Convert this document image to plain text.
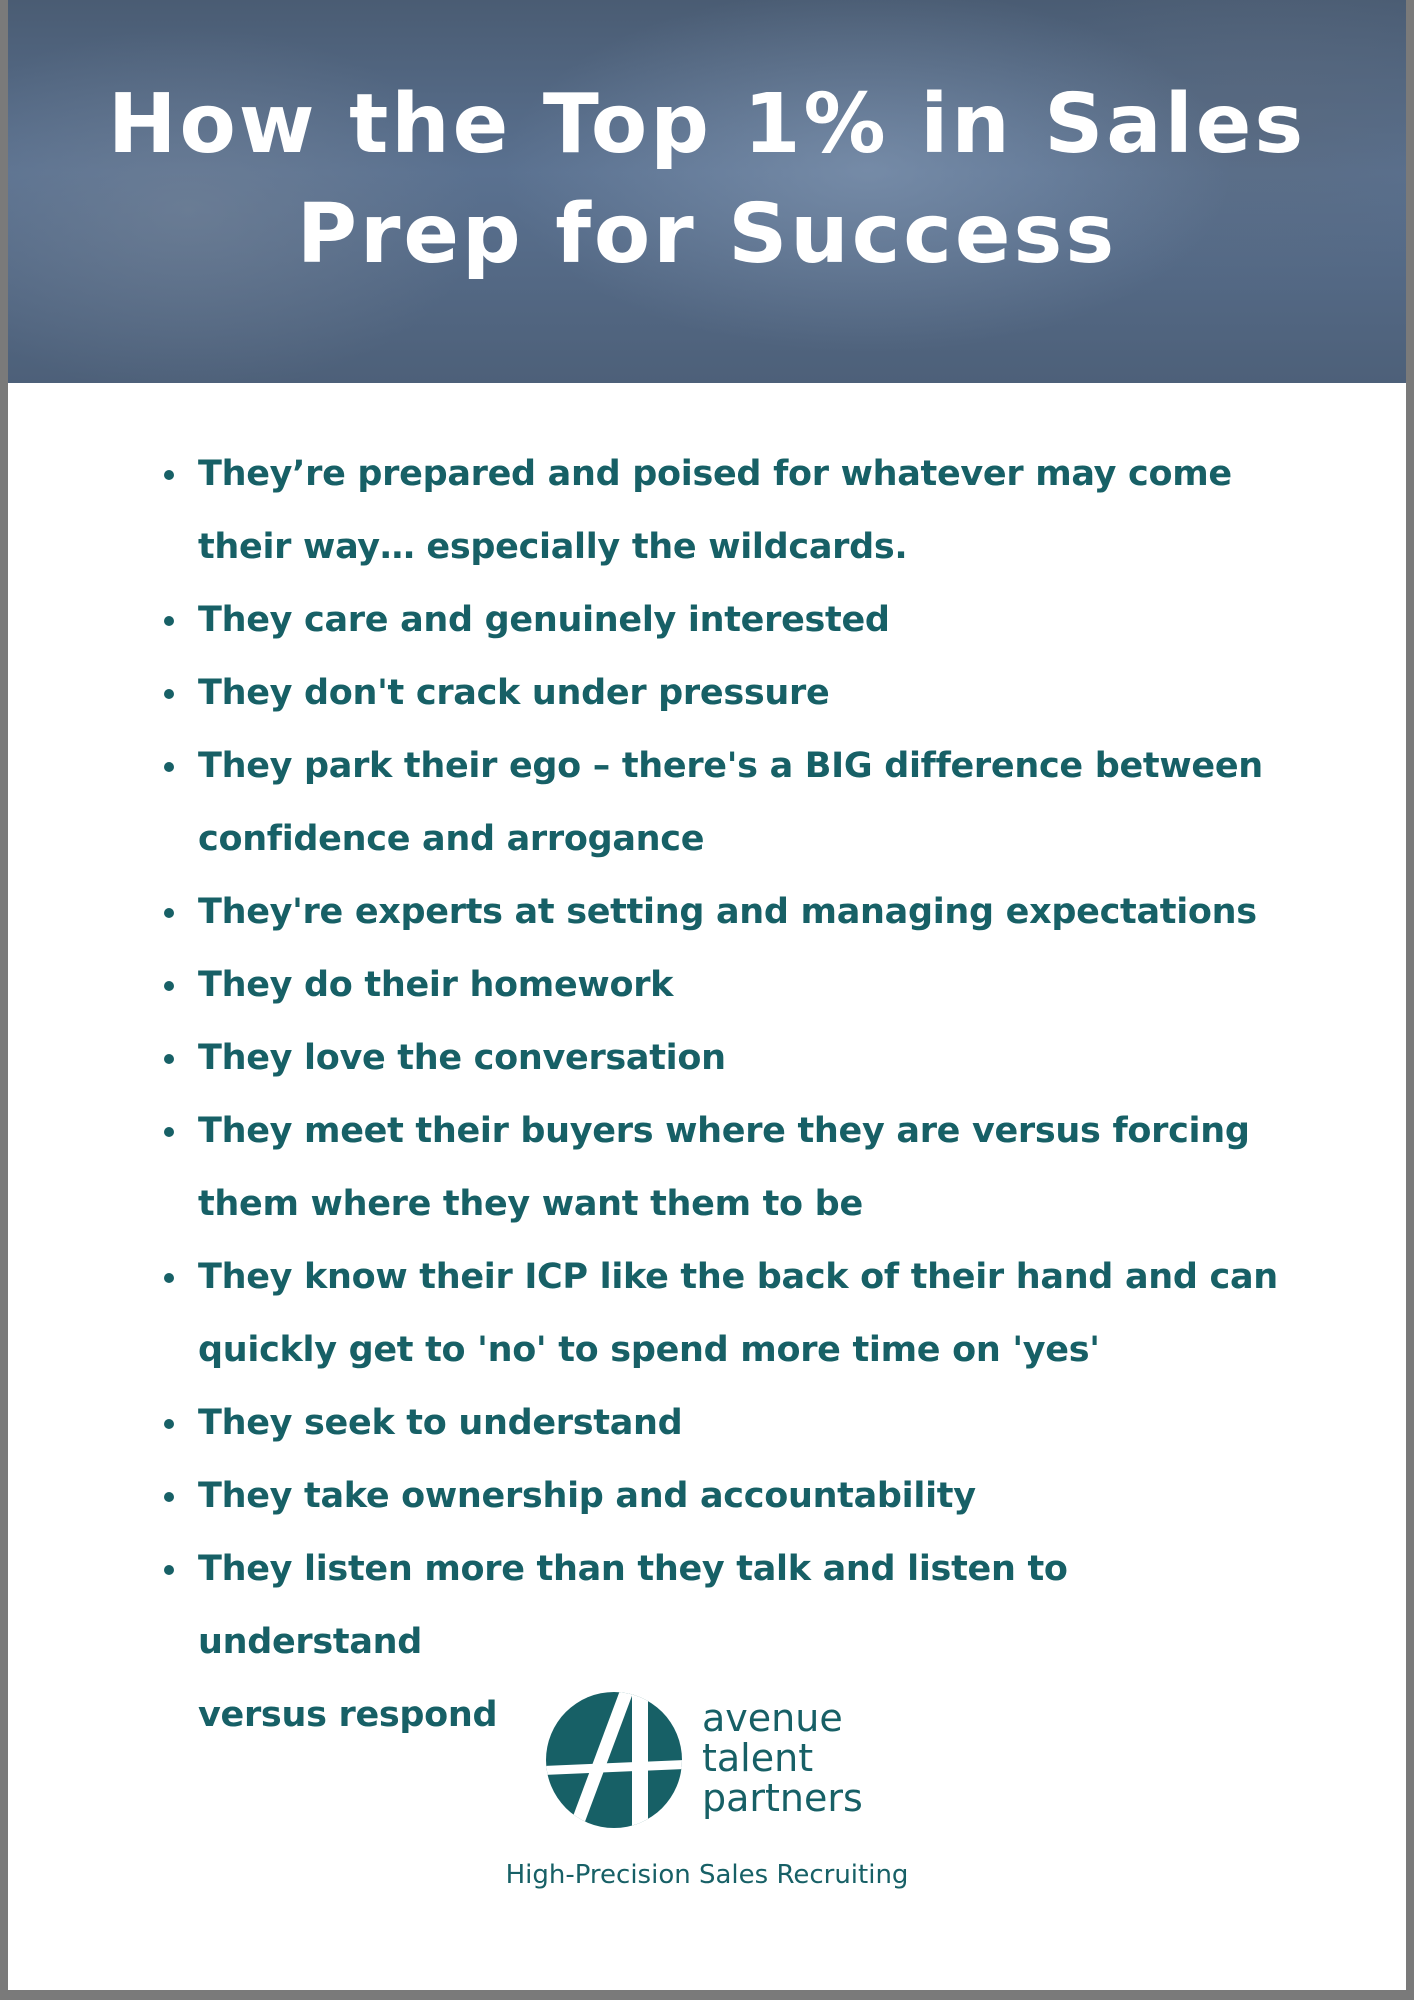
How the Top 1% in Sales
Prep for Success
They’re prepared and poised for whatever may come
their way… especially the wildcards.
They care and genuinely interested
They don't crack under pressure
They park their ego – there's a BIG difference between
confidence and arrogance
They're experts at setting and managing expectations
They do their homework
They love the conversation
They meet their buyers where they are versus forcing
them where they want them to be
They know their ICP like the back of their hand and can
quickly get to 'no' to spend more time on 'yes'
They seek to understand
They take ownership and accountability
They listen more than they talk and listen to understand
versus respond	avenue
talent
partners
High-Precision Sales Recruiting
